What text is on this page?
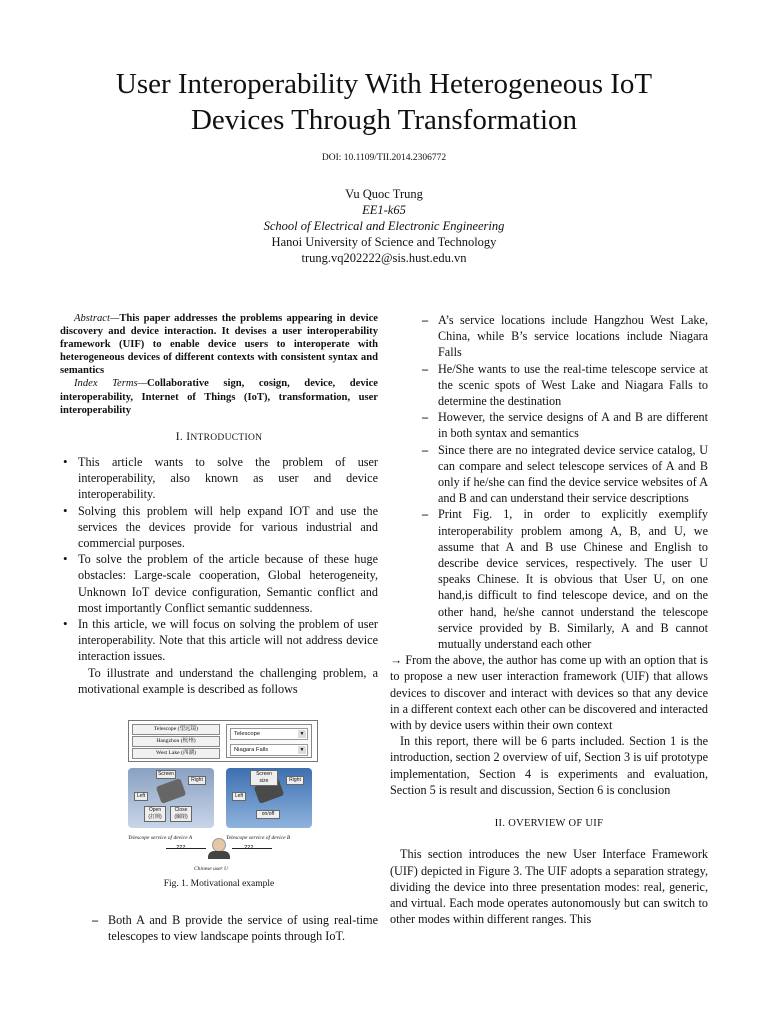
User Interoperability With Heterogeneous IoT
Devices Through Transformation
DOI: 10.1109/TII.2014.2306772
Vu Quoc Trung
EE1-k65
School of Electrical and Electronic Engineering
Hanoi University of Science and Technology
trung.vq202222@sis.hust.edu.vn

Abstract—This paper addresses the problems appearing in device discovery and device interaction. It devises a user interoperability framework (UIF) to enable device users to interoperate with heterogeneous devices of different contexts with consistent syntax and semantics

Index Terms—Collaborative sign, cosign, device, device interoperability, Internet of Things (IoT), transformation, user interoperability

I. INTRODUCTION
• This article wants to solve the problem of user interoperability, also known as user and device interoperability.
• Solving this problem will help expand IOT and use the services the devices provide for various industrial and commercial purposes.
• To solve the problem of the article because of these huge obstacles: Large-scale cooperation, Global heterogeneity, Unknown IoT device configuration, Semantic conflict and most importantly Conflict semantic suddenness.
• In this article, we will focus on solving the problem of user interoperability. Note that this article will not address device interaction issues.

To illustrate and understand the challenging problem, a motivational example is described as follows

Telescope (望远镜)
Hangzhou (杭州)
West Lake (西湖)
Telescope	▼
Niagara Falls	▼
Screen
Right
Left
Open
(打開)
Close
(關閉)
Screen size	Right
Left
on/off
Telescope service of device A	Telescope service of device B
???	???
Chinese user U
Fig. 1. Motivational example
– Both A and B provide the service of using real-time telescopes to view landscape points through IoT.
– A’s service locations include Hangzhou West Lake, China, while B’s service locations include Niagara Falls
– He/She wants to use the real-time telescope service at the scenic spots of West Lake and Niagara Falls to determine the destination
– However, the service designs of A and B are different in both syntax and semantics
– Since there are no integrated device service catalog, U can compare and select telescope services of A and B only if he/she can find the device service websites of A and B and can understand their service descriptions
– Print Fig. 1, in order to explicitly exemplify interoperability problem among A, B, and U, we assume that A and B use Chinese and English to describe device services, respectively. The user U speaks Chinese. It is obvious that User U, on one hand,is difficult to find telescope device, and on the other hand, he/she cannot understand the telescope service provided by B. Similarly, A and B cannot mutually understand each other

→ From the above, the author has come up with an option that is to propose a new user interaction framework (UIF) that allows devices to discover and interact with devices so that any device in a different context each other can be discovered and interacted with by device users within their own context

In this report, there will be 6 parts included. Section 1 is the introduction, section 2 overview of uif, Section 3 is uif prototype implementation, Section 4 is experiments and evaluation, Section 5 is result and discussion, Section 6 is conclusion

II. OVERVIEW OF UIF

This section introduces the new User Interface Framework (UIF) depicted in Figure 3. The UIF adopts a separation strategy, dividing the device into three presentation modes: real, generic, and virtual. Each mode operates autonomously but can switch to other modes within different ranges. This
